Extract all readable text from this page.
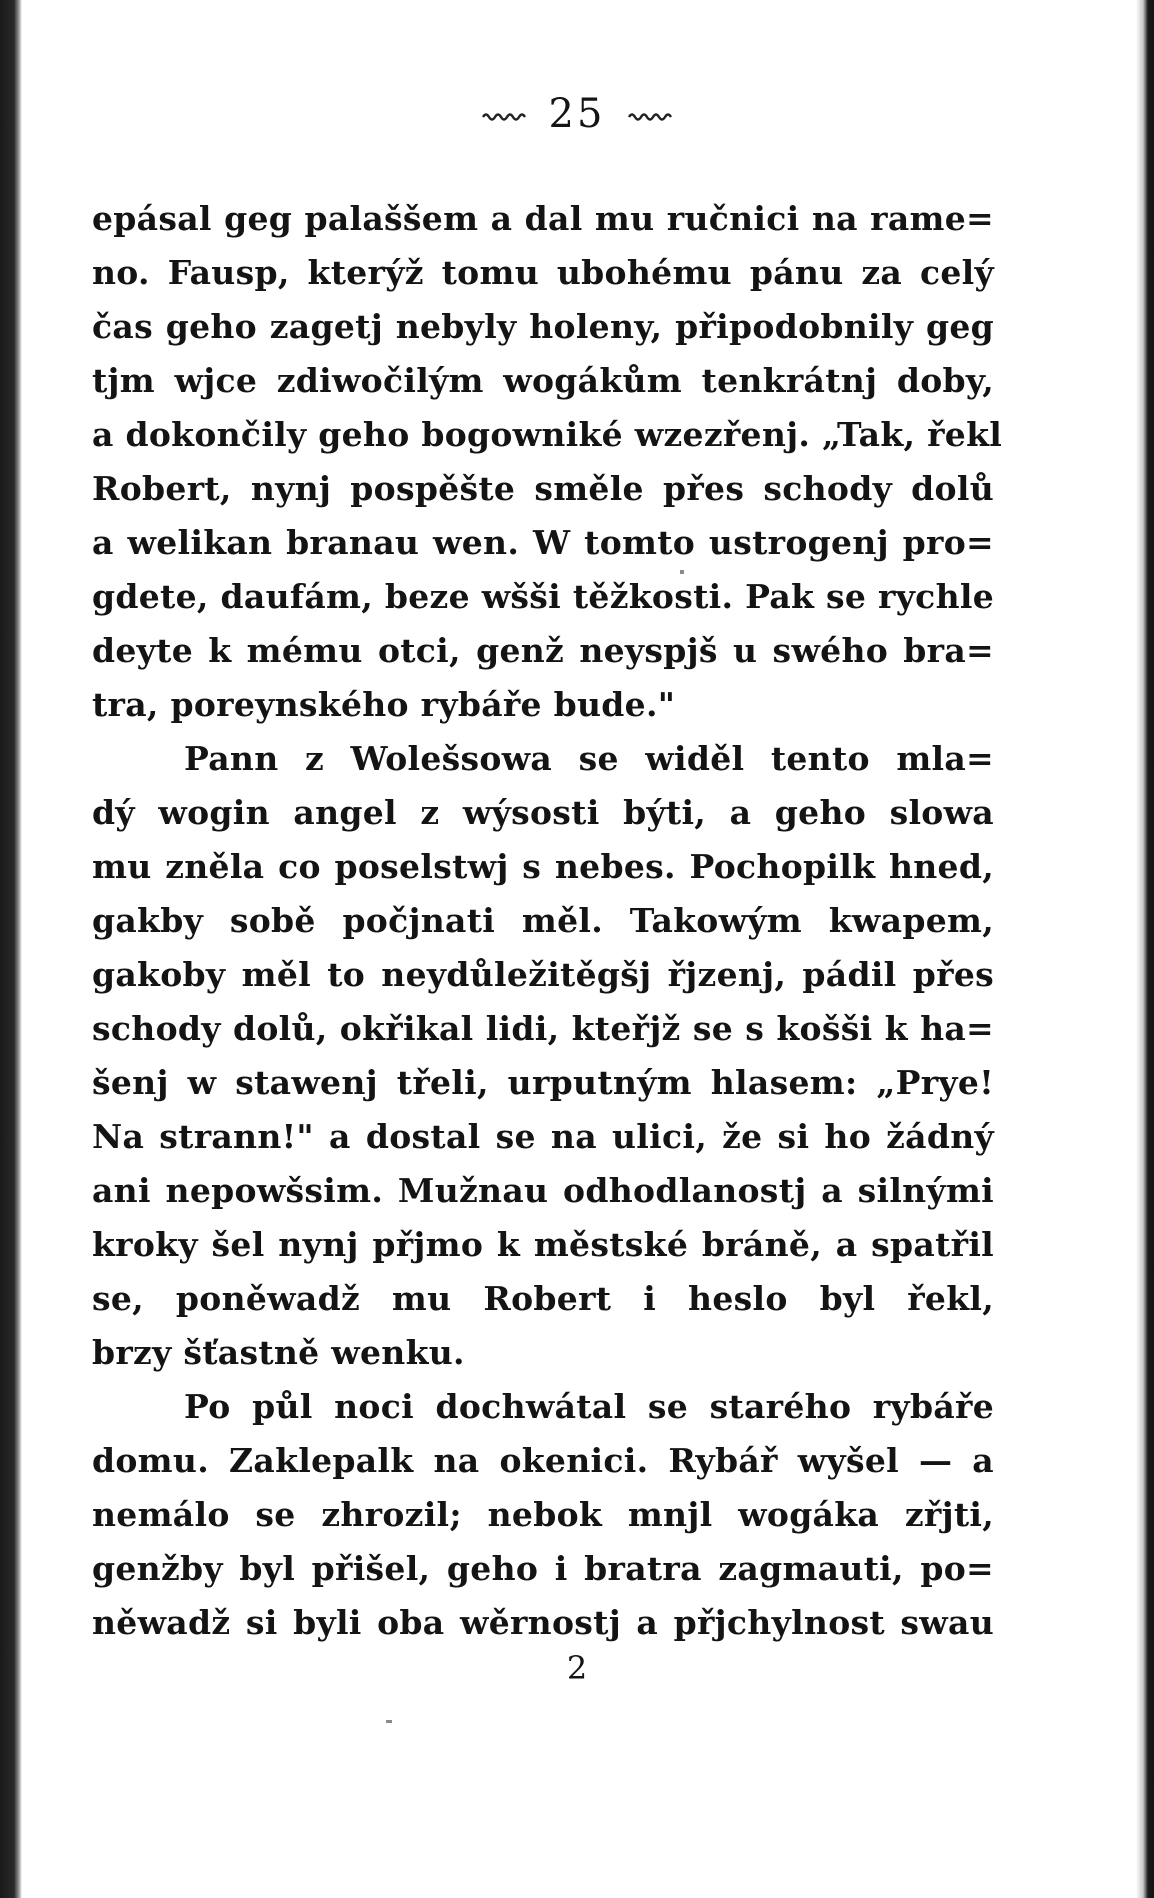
25
epásal geg palaššem a dal mu ručnici na rame=
no. Fausp, kterýž tomu ubohému pánu za celý
čas geho zagetj nebyly holeny, připodobnily geg
tjm wjce zdiwočilým wogákům tenkrátnj doby,
a dokončily geho bogowniké wzezřenj. „Tak, řekl
Robert, nynj pospěšte směle přes schody dolů
a welikan branau wen. W tomto ustrogenj pro=
gdete, daufám, beze wšši těžkosti. Pak se rychle
deyte k mému otci, genž neyspjš u swého bra=
tra, poreynského rybáře bude."
Pann z Wolešsowa se widěl tento mla=
dý wogin angel z wýsosti býti, a geho slowa
mu zněla co poselstwj s nebes. Pochopilk hned,
gakby sobě počjnati měl. Takowým kwapem,
gakoby měl to neydůležitěgšj řjzenj, pádil přes
schody dolů, okřikal lidi, kteřjž se s košši k ha=
šenj w stawenj třeli, urputným hlasem: „Prye!
Na strann!" a dostal se na ulici, že si ho žádný
ani nepowšsim. Mužnau odhodlanostj a silnými
kroky šel nynj přjmo k městské bráně, a spatřil
se, poněwadž mu Robert i heslo byl řekl,
brzy šťastně wenku.
Po půl noci dochwátal se starého rybáře
domu. Zaklepalk na okenici. Rybář wyšel — a
nemálo se zhrozil; nebok mnjl wogáka zřjti,
genžby byl přišel, geho i bratra zagmauti, po=
něwadž si byli oba wěrnostj a přjchylnost swau
2
